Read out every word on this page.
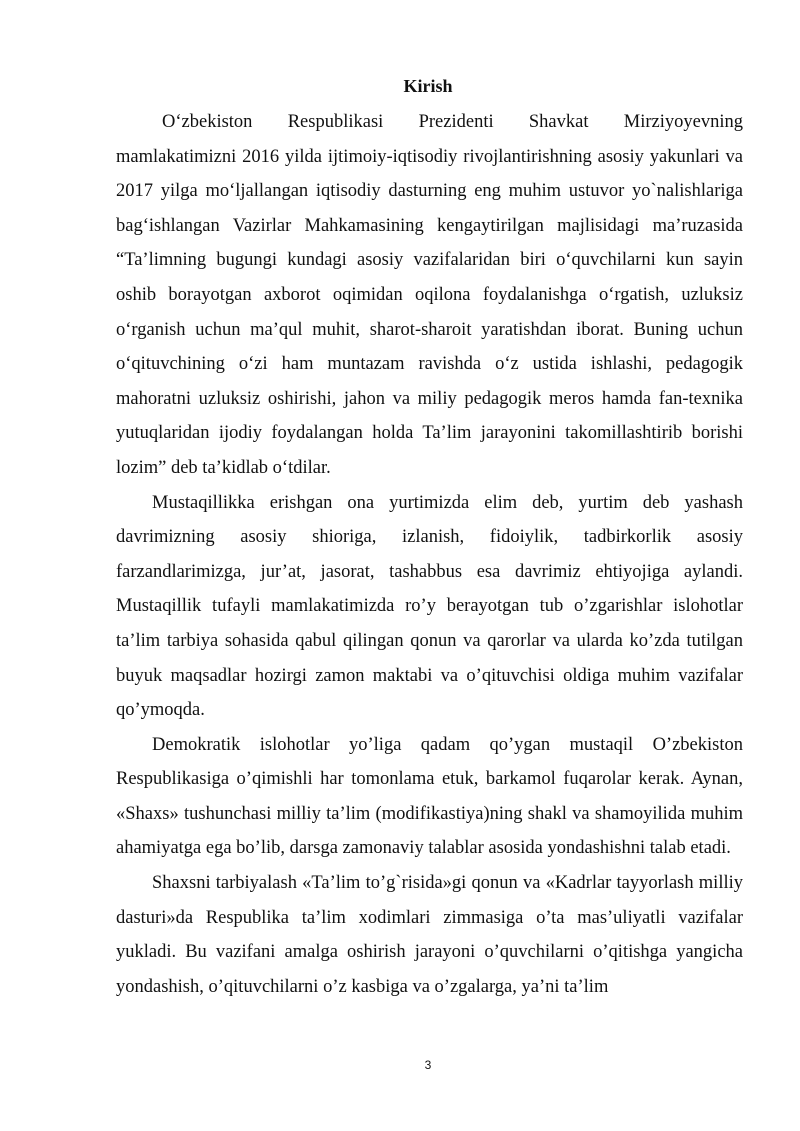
Kirish

O‘zbekiston Respublikasi Prezidenti Shavkat Mirziyoyevning mamlakatimizni 2016 yilda ijtimoiy-iqtisodiy rivojlantirishning asosiy yakunlari va 2017 yilga mo‘ljallangan iqtisodiy dasturning eng muhim ustuvor yo`nalishlariga bag‘ishlangan Vazirlar Mahkamasining kengaytirilgan majlisidagi ma’ruzasida “Ta’limning bugungi kundagi asosiy vazifalaridan biri o‘quvchilarni kun sayin oshib borayotgan axborot oqimidan oqilona foydalanishga o‘rgatish, uzluksiz o‘rganish uchun ma’qul muhit, sharot-sharoit yaratishdan iborat. Buning uchun o‘qituvchining o‘zi ham muntazam ravishda o‘z ustida ishlashi, pedagogik mahoratni uzluksiz oshirishi, jahon va miliy pedagogik meros hamda fan-texnika yutuqlaridan ijodiy foydalangan holda Ta’lim jarayonini takomillashtirib borishi lozim” deb ta’kidlab o‘tdilar.

Mustaqillikka erishgan ona yurtimizda elim deb, yurtim deb yashash davrimizning asosiy shioriga, izlanish, fidoiylik, tadbirkorlik asosiy farzandlarimizga, jur’at, jasorat, tashabbus esa davrimiz ehtiyojiga aylandi. Mustaqillik tufayli mamlakatimizda ro’y berayotgan tub o’zgarishlar islohotlar ta’lim tarbiya sohasida qabul qilingan qonun va qarorlar va ularda ko’zda tutilgan buyuk maqsadlar hozirgi zamon maktabi va o’qituvchisi oldiga muhim vazifalar qo’ymoqda.

Demokratik islohotlar yo’liga qadam qo’ygan mustaqil O’zbekiston Respublikasiga o’qimishli har tomonlama etuk, barkamol fuqarolar kerak. Aynan, «Shaxs» tushunchasi milliy ta’lim (modifikastiya)ning shakl va shamoyilida muhim ahamiyatga ega bo’lib, darsga zamonaviy talablar asosida yondashishni talab etadi.

Shaxsni tarbiyalash «Ta’lim to’g`risida»gi qonun va «Kadrlar tayyorlash milliy dasturi»da Respublika ta’lim xodimlari zimmasiga o’ta mas’uliyatli vazifalar yukladi. Bu vazifani amalga oshirish jarayoni o’quvchilarni o’qitishga yangicha yondashish, o’qituvchilarni o’z kasbiga va o’zgalarga, ya’ni ta’lim

3
